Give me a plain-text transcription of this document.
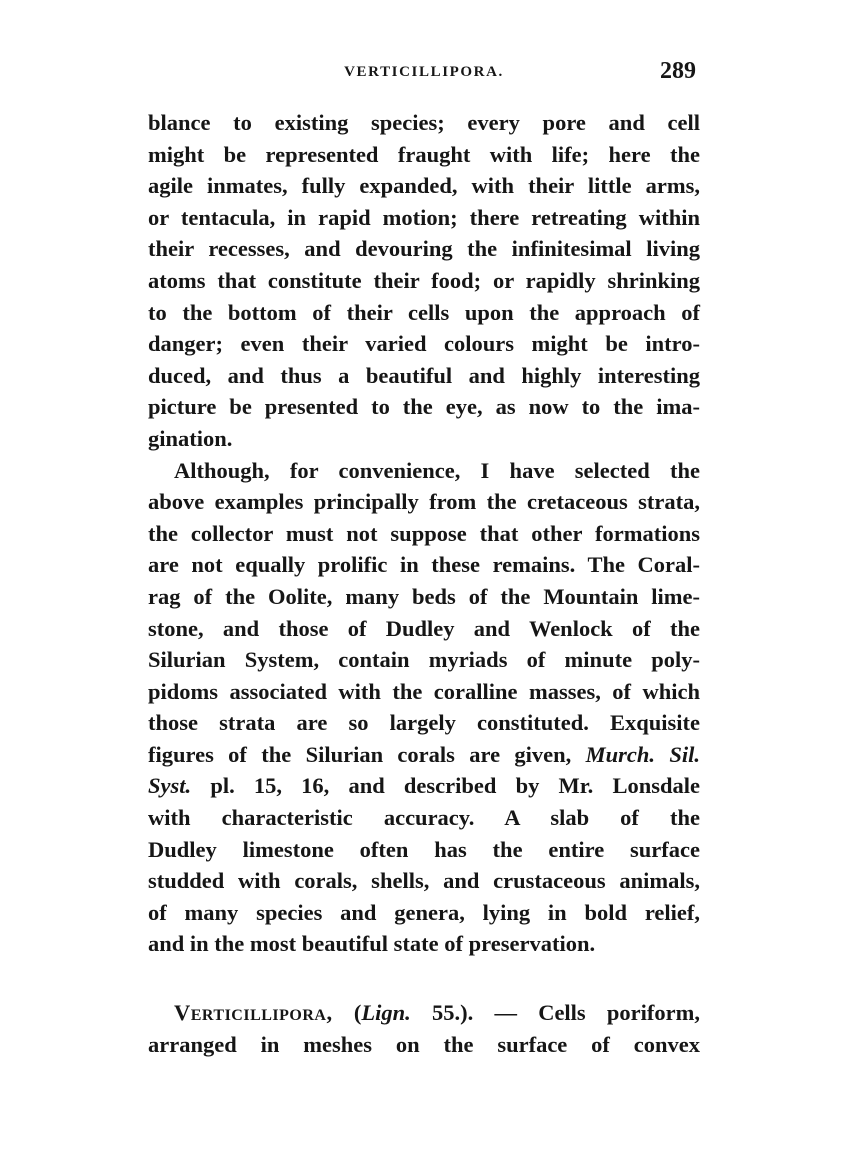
VERTICILLIPORA.	289
blance to existing species; every pore and cell
might be represented fraught with life; here the
agile inmates, fully expanded, with their little arms,
or tentacula, in rapid motion; there retreating within
their recesses, and devouring the infinitesimal living
atoms that constitute their food; or rapidly shrinking
to the bottom of their cells upon the approach of
danger; even their varied colours might be intro-
duced, and thus a beautiful and highly interesting
picture be presented to the eye, as now to the ima-
gination.
Although, for convenience, I have selected the
above examples principally from the cretaceous strata,
the collector must not suppose that other formations
are not equally prolific in these remains. The Coral-
rag of the Oolite, many beds of the Mountain lime-
stone, and those of Dudley and Wenlock of the
Silurian System, contain myriads of minute poly-
pidoms associated with the coralline masses, of which
those strata are so largely constituted. Exquisite
figures of the Silurian corals are given, Murch. Sil.
Syst. pl. 15, 16, and described by Mr. Lonsdale
with characteristic accuracy. A slab of the
Dudley limestone often has the entire surface
studded with corals, shells, and crustaceous animals,
of many species and genera, lying in bold relief,
and in the most beautiful state of preservation.
Verticillipora, (Lign. 55.). — Cells poriform,
arranged in meshes on the surface of convex
